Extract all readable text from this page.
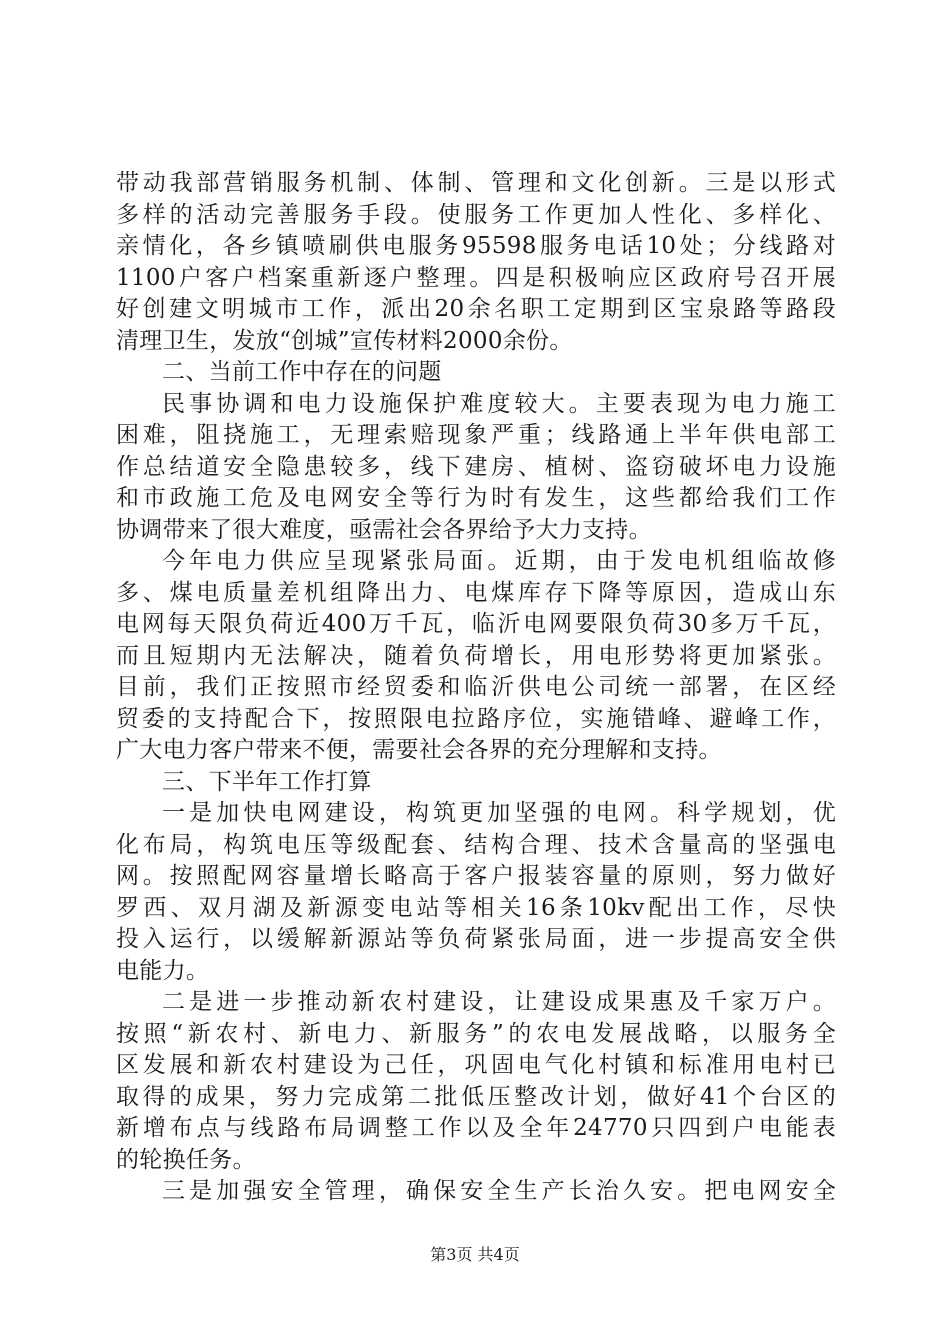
带动我部营销服务机制、体制、管理和文化创新。三是以形式
多样的活动完善服务手段。使服务工作更加人性化、多样化、
亲情化，各乡镇喷刷供电服务95598服务电话10处；分线路对
1100户客户档案重新逐户整理。四是积极响应区政府号召开展
好创建文明城市工作，派出20余名职工定期到区宝泉路等路段
清理卫生，发放“创城”宣传材料2000余份。
二、当前工作中存在的问题
民事协调和电力设施保护难度较大。主要表现为电力施工
困难，阻挠施工，无理索赔现象严重；线路通上半年供电部工
作总结道安全隐患较多，线下建房、植树、盗窃破坏电力设施
和市政施工危及电网安全等行为时有发生，这些都给我们工作
协调带来了很大难度，亟需社会各界给予大力支持。
今年电力供应呈现紧张局面。近期，由于发电机组临故修
多、煤电质量差机组降出力、电煤库存下降等原因，造成山东
电网每天限负荷近400万千瓦，临沂电网要限负荷30多万千瓦，
而且短期内无法解决，随着负荷增长，用电形势将更加紧张。
目前，我们正按照市经贸委和临沂供电公司统一部署，在区经
贸委的支持配合下，按照限电拉路序位，实施错峰、避峰工作，
广大电力客户带来不便，需要社会各界的充分理解和支持。
三、下半年工作打算
一是加快电网建设，构筑更加坚强的电网。科学规划，优
化布局，构筑电压等级配套、结构合理、技术含量高的坚强电
网。按照配网容量增长略高于客户报装容量的原则，努力做好
罗西、双月湖及新源变电站等相关16条10kv配出工作，尽快
投入运行，以缓解新源站等负荷紧张局面，进一步提高安全供
电能力。
二是进一步推动新农村建设，让建设成果惠及千家万户。
按照“新农村、新电力、新服务”的农电发展战略，以服务全
区发展和新农村建设为己任，巩固电气化村镇和标准用电村已
取得的成果，努力完成第二批低压整改计划，做好41个台区的
新增布点与线路布局调整工作以及全年24770只四到户电能表
的轮换任务。
三是加强安全管理，确保安全生产长治久安。把电网安全
第3页 共4页
